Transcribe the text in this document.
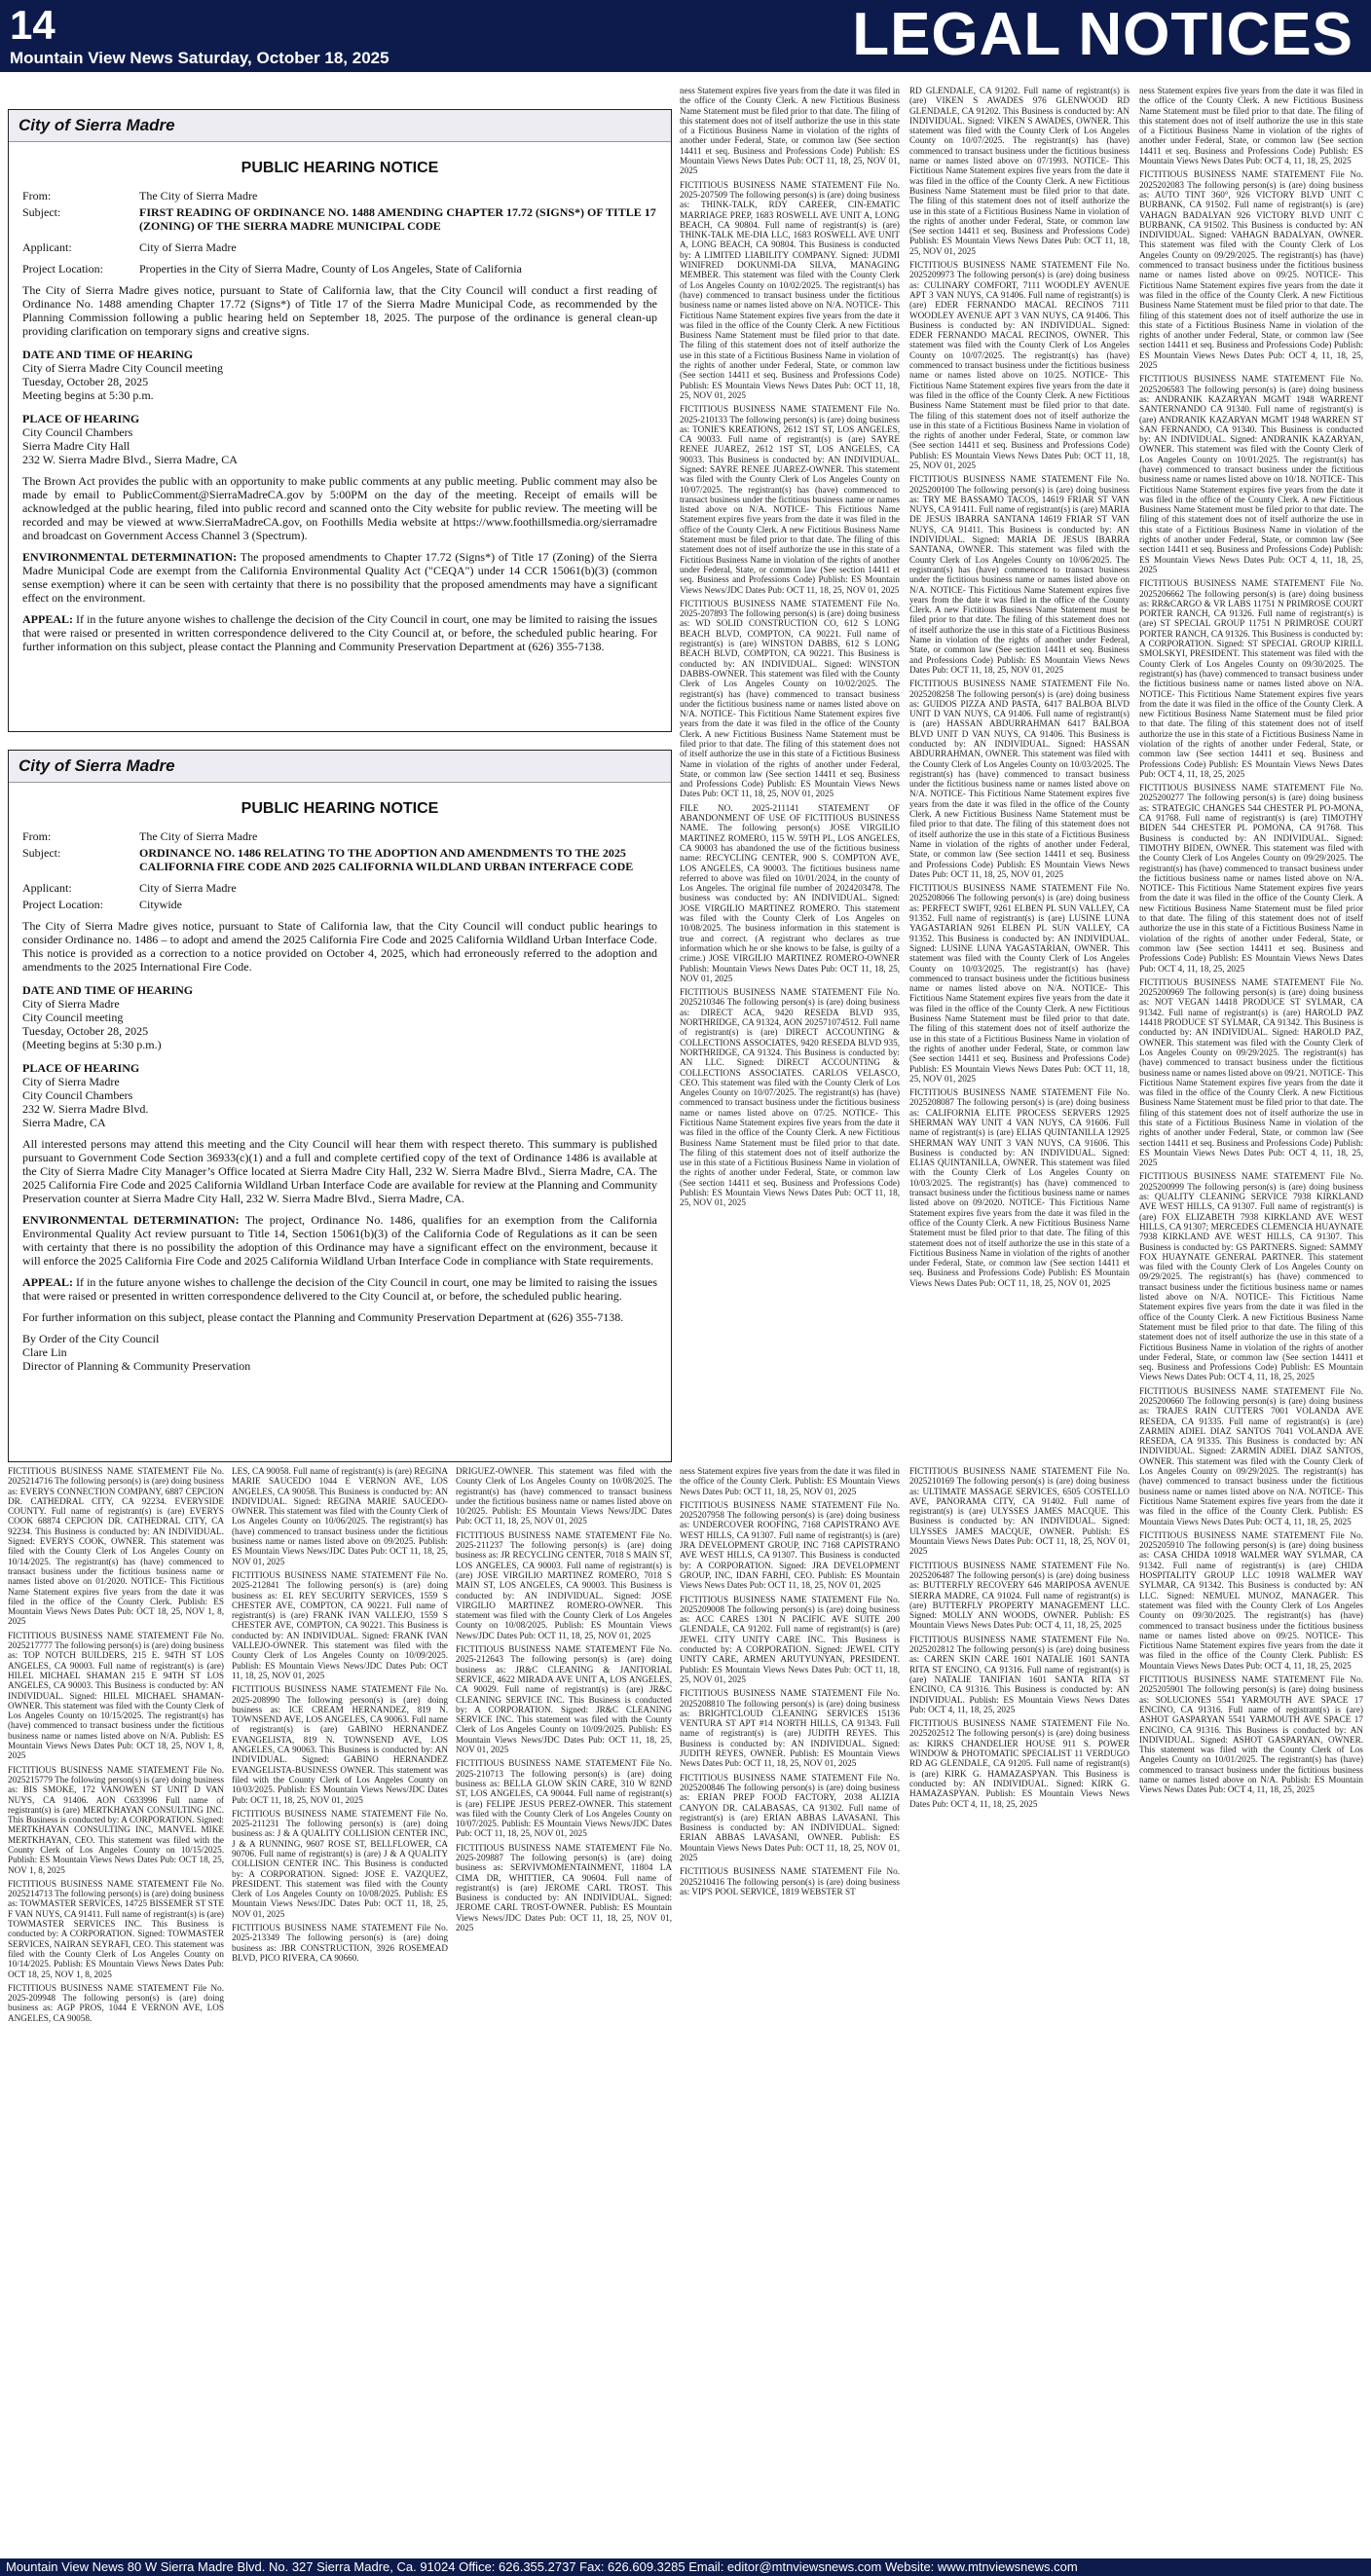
14
Mountain View News Saturday, October 18, 2025	LEGAL NOTICES
City of Sierra Madre
PUBLIC HEARING NOTICE
From:	The City of Sierra Madre
Subject:	FIRST READING OF ORDINANCE NO. 1488 AMENDING CHAPTER 17.72 (SIGNS*) OF TITLE 17 (ZONING) OF THE SIERRA MADRE MUNICIPAL CODE
Applicant:	City of Sierra Madre
Project Location:	Properties in the City of Sierra Madre, County of Los Angeles, State of California

The City of Sierra Madre gives notice, pursuant to State of California law, that the City Council will conduct a first reading of Ordinance No. 1488 amending Chapter 17.72 (Signs*) of Title 17 of the Sierra Madre Municipal Code, as recommended by the Planning Commission following a public hearing held on September 18, 2025. The purpose of the ordinance is general clean-up providing clarification on temporary signs and creative signs.

DATE AND TIME OF HEARING
City of Sierra Madre City Council meeting
Tuesday, October 28, 2025
Meeting begins at 5:30 p.m.
PLACE OF HEARING
City Council Chambers
Sierra Madre City Hall
232 W. Sierra Madre Blvd., Sierra Madre, CA

The Brown Act provides the public with an opportunity to make public comments at any public meeting. Public comment may also be made by email to PublicComment@SierraMadreCA.gov by 5:00PM on the day of the meeting. Receipt of emails will be acknowledged at the public hearing, filed into public record and scanned onto the City website for public review. The meeting will be recorded and may be viewed at www.SierraMadreCA.gov, on Foothills Media website at https://www.foothillsmedia.org/sierramadre and broadcast on Government Access Channel 3 (Spectrum).

ENVIRONMENTAL DETERMINATION: The proposed amendments to Chapter 17.72 (Signs*) of Title 17 (Zoning) of the Sierra Madre Municipal Code are exempt from the California Environmental Quality Act ("CEQA") under 14 CCR 15061(b)(3) (common sense exemption) where it can be seen with certainty that there is no possibility that the proposed amendments may have a significant effect on the environment.

APPEAL: If in the future anyone wishes to challenge the decision of the City Council in court, one may be limited to raising the issues that were raised or presented in written correspondence delivered to the City Council at, or before, the scheduled public hearing. For further information on this subject, please contact the Planning and Community Preservation Department at (626) 355-7138.

City of Sierra Madre
PUBLIC HEARING NOTICE
From:	The City of Sierra Madre
Subject:	ORDINANCE NO. 1486 RELATING TO THE ADOPTION AND AMENDMENTS TO THE 2025 CALIFORNIA FIRE CODE AND 2025 CALIFORNIA WILDLAND URBAN INTERFACE CODE
Applicant:	City of Sierra Madre
Project Location:	Citywide

The City of Sierra Madre gives notice, pursuant to State of California law, that the City Council will conduct public hearings to consider Ordinance no. 1486 – to adopt and amend the 2025 California Fire Code and 2025 California Wildland Urban Interface Code. This notice is provided as a correction to a notice provided on October 4, 2025, which had erroneously referred to the adoption and amendments to the 2025 International Fire Code.

DATE AND TIME OF HEARING
City of Sierra Madre
City Council meeting
Tuesday, October 28, 2025
(Meeting begins at 5:30 p.m.)
PLACE OF HEARING
City of Sierra Madre
City Council Chambers
232 W. Sierra Madre Blvd.
Sierra Madre, CA

All interested persons may attend this meeting and the City Council will hear them with respect thereto. This summary is published pursuant to Government Code Section 36933(c)(1) and a full and complete certified copy of the text of Ordinance 1486 is available at the City of Sierra Madre City Manager’s Office located at Sierra Madre City Hall, 232 W. Sierra Madre Blvd., Sierra Madre, CA. The 2025 California Fire Code and 2025 California Wildland Urban Interface Code are available for review at the Planning and Community Preservation counter at Sierra Madre City Hall, 232 W. Sierra Madre Blvd., Sierra Madre, CA.

ENVIRONMENTAL DETERMINATION: The project, Ordinance No. 1486, qualifies for an exemption from the California Environmental Quality Act review pursuant to Title 14, Section 15061(b)(3) of the California Code of Regulations as it can be seen with certainty that there is no possibility the adoption of this Ordinance may have a significant effect on the environment, because it will enforce the 2025 California Fire Code and 2025 California Wildland Urban Interface Code in compliance with State requirements.

APPEAL: If in the future anyone wishes to challenge the decision of the City Council in court, one may be limited to raising the issues that were raised or presented in written correspondence delivered to the City Council at, or before, the scheduled public hearing.

For further information on this subject, please contact the Planning and Community Preservation Department at (626) 355-7138.

By Order of the City Council
Clare Lin
Director of Planning & Community Preservation

ness Statement expires five years from the date it was filed in the office of the County Clerk. A new Fictitious Business Name Statement must be filed prior to that date. The filing of this statement does not of itself authorize the use in this state of a Fictitious Business Name in violation of the rights of another under Federal, State, or common law (See section 14411 et seq. Business and Professions Code) Publish: ES Mountain Views News Dates Pub: OCT 11, 18, 25, NOV 01, 2025

FICTITIOUS BUSINESS NAME STATEMENT File No. 2025-207509 The following person(s) is (are) doing business as: THINK-TALK, RDY CAREER, CIN-EMATIC MARRIAGE PREP, 1683 ROSWELL AVE UNIT A, LONG BEACH, CA 90804. Full name of registrant(s) is (are) THINK-TALK ME-DIA LLC, 1683 ROSWELL AVE UNIT A, LONG BEACH, CA 90804. This Business is conducted by: A LIMITED LIABILITY COMPANY. Signed: JUDMI WINIFRED DOKUNMI-DA SILVA, MANAGING MEMBER. This statement was filed with the County Clerk of Los Angeles County on 10/02/2025. The registrant(s) has (have) commenced to transact business under the fictitious business name or names listed above on N/A. NOTICE- This Fictitious Name Statement expires five years from the date it was filed in the office of the County Clerk. A new Fictitious Business Name Statement must be filed prior to that date. The filing of this statement does not of itself authorize the use in this state of a Fictitious Business Name in violation of the rights of another under Federal, State, or common law (See section 14411 et seq. Business and Professions Code) Publish: ES Mountain Views News Dates Pub: OCT 11, 18, 25, NOV 01, 2025

FICTITIOUS BUSINESS NAME STATEMENT File No. 2025-210133 The following person(s) is (are) doing business as: TONIE'S KREATIONS, 2612 1ST ST, LOS ANGELES, CA 90033. Full name of registrant(s) is (are) SAYRE RENEE JUAREZ, 2612 1ST ST, LOS ANGELES, CA 90033. This Business is conducted by: AN INDIVIDUAL. Signed: SAYRE RENEE JUAREZ-OWNER. This statement was filed with the County Clerk of Los Angeles County on 10/07/2025. The registrant(s) has (have) commenced to transact business under the fictitious business name or names listed above on N/A. NOTICE- This Fictitious Name Statement expires five years from the date it was filed in the office of the County Clerk. A new Fictitious Business Name Statement must be filed prior to that date. The filing of this statement does not of itself authorize the use in this state of a Fictitious Business Name in violation of the rights of another under Federal, State, or common law (See section 14411 et seq. Business and Professions Code) Publish: ES Mountain Views News/JDC Dates Pub: OCT 11, 18, 25, NOV 01, 2025

FICTITIOUS BUSINESS NAME STATEMENT File No. 2025-207893 The following person(s) is (are) doing business as: WD SOLID CONSTRUCTION CO, 612 S LONG BEACH BLVD, COMPTON, CA 90221. Full name of registrant(s) is (are) WINSTON DABBS, 612 S LONG BEACH BLVD, COMPTON, CA 90221. This Business is conducted by: AN INDIVIDUAL. Signed: WINSTON DABBS-OWNER. This statement was filed with the County Clerk of Los Angeles County on 10/02/2025. The registrant(s) has (have) commenced to transact business under the fictitious business name or names listed above on N/A. NOTICE- This Fictitious Name Statement expires five years from the date it was filed in the office of the County Clerk. A new Fictitious Business Name Statement must be filed prior to that date. The filing of this statement does not of itself authorize the use in this state of a Fictitious Business Name in violation of the rights of another under Federal, State, or common law (See section 14411 et seq. Business and Professions Code) Publish: ES Mountain Views News Dates Pub: OCT 11, 18, 25, NOV 01, 2025

FILE NO. 2025-211141 STATEMENT OF ABANDONMENT OF USE OF FICTITIOUS BUSINESS NAME. The following person(s) JOSE VIRGILIO MARTINEZ ROMERO, 115 W. 59TH PL, LOS ANGELES, CA 90003 has abandoned the use of the fictitious business name: RECYCLING CENTER, 900 S. COMPTON AVE, LOS ANGELES, CA 90003. The fictitious business name referred to above was filed on 10/01/2024, in the county of Los Angeles. The original file number of 2024203478. The business was conducted by: AN INDIVIDUAL. Signed: JOSE VIRGILIO MARTINEZ ROMERO. This statement was filed with the County Clerk of Los Angeles on 10/08/2025. The business information in this statement is true and correct. (A registrant who declares as true information which he or she knows to be false, is guilty of a crime.) JOSE VIRGILIO MARTINEZ ROMERO-OWNER Publish: Mountain Views News Dates Pub: OCT 11, 18, 25, NOV 01, 2025

FICTITIOUS BUSINESS NAME STATEMENT File No. 2025210346 The following person(s) is (are) doing business as: DIRECT ACA, 9420 RESEDA BLVD 935, NORTHRIDGE, CA 91324, AON 202571074512. Full name of registrant(s) is (are) DIRECT ACCOUNTING & COLLECTIONS ASSOCIATES, 9420 RESEDA BLVD 935, NORTHRIDGE, CA 91324. This Business is conducted by: AN LLC. Signed: DIRECT ACCOUNTING & COLLECTIONS ASSOCIATES. CARLOS VELASCO, CEO. This statement was filed with the County Clerk of Los Angeles County on 10/07/2025. The registrant(s) has (have) commenced to transact business under the fictitious business name or names listed above on 07/25. NOTICE- This Fictitious Name Statement expires five years from the date it was filed in the office of the County Clerk. A new Fictitious Business Name Statement must be filed prior to that date. The filing of this statement does not of itself authorize the use in this state of a Fictitious Business Name in violation of the rights of another under Federal, State, or common law (See section 14411 et seq. Business and Professions Code) Publish: ES Mountain Views News Dates Pub: OCT 11, 18, 25, NOV 01, 2025

RD GLENDALE, CA 91202. Full name of registrant(s) is (are) VIKEN S AWADES 976 GLENWOOD RD GLENDALE, CA 91202. This Business is conducted by: AN INDIVIDUAL. Signed: VIKEN S AWADES, OWNER. This statement was filed with the County Clerk of Los Angeles County on 10/07/2025. The registrant(s) has (have) commenced to transact business under the fictitious business name or names listed above on 07/1993. NOTICE- This Fictitious Name Statement expires five years from the date it was filed in the office of the County Clerk. A new Fictitious Business Name Statement must be filed prior to that date. The filing of this statement does not of itself authorize the use in this state of a Fictitious Business Name in violation of the rights of another under Federal, State, or common law (See section 14411 et seq. Business and Professions Code) Publish: ES Mountain Views News Dates Pub: OCT 11, 18, 25, NOV 01, 2025

FICTITIOUS BUSINESS NAME STATEMENT File No. 2025209973 The following person(s) is (are) doing business as: CULINARY COMFORT, 7111 WOODLEY AVENUE APT 3 VAN NUYS, CA 91406. Full name of registrant(s) is (are) EDER FERNANDO MACAL RECINOS 7111 WOODLEY AVENUE APT 3 VAN NUYS, CA 91406. This Business is conducted by: AN INDIVIDUAL. Signed: EDER FERNANDO MACAL RECINOS, OWNER. This statement was filed with the County Clerk of Los Angeles County on 10/07/2025. The registrant(s) has (have) commenced to transact business under the fictitious business name or names listed above on 10/25. NOTICE- This Fictitious Name Statement expires five years from the date it was filed in the office of the County Clerk. A new Fictitious Business Name Statement must be filed prior to that date. The filing of this statement does not of itself authorize the use in this state of a Fictitious Business Name in violation of the rights of another under Federal, State, or common law (See section 14411 et seq. Business and Professions Code) Publish: ES Mountain Views News Dates Pub: OCT 11, 18, 25, NOV 01, 2025

FICTITIOUS BUSINESS NAME STATEMENT File No. 2025200100 The following person(s) is (are) doing business as: TRY ME BASSAMO TACOS, 14619 FRIAR ST VAN NUYS, CA 91411. Full name of registrant(s) is (are) MARIA DE JESUS IBARRA SANTANA 14619 FRIAR ST VAN NUYS, CA 91411. This Business is conducted by: AN INDIVIDUAL. Signed: MARIA DE JESUS IBARRA SANTANA, OWNER. This statement was filed with the County Clerk of Los Angeles County on 10/06/2025. The registrant(s) has (have) commenced to transact business under the fictitious business name or names listed above on N/A. NOTICE- This Fictitious Name Statement expires five years from the date it was filed in the office of the County Clerk. A new Fictitious Business Name Statement must be filed prior to that date. The filing of this statement does not of itself authorize the use in this state of a Fictitious Business Name in violation of the rights of another under Federal, State, or common law (See section 14411 et seq. Business and Professions Code) Publish: ES Mountain Views News Dates Pub: OCT 11, 18, 25, NOV 01, 2025

FICTITIOUS BUSINESS NAME STATEMENT File No. 2025208258 The following person(s) is (are) doing business as: GUIDOS PIZZA AND PASTA, 6417 BALBOA BLVD UNIT D VAN NUYS, CA 91406. Full name of registrant(s) is (are) HASSAN ABDURRAHMAN 6417 BALBOA BLVD UNIT D VAN NUYS, CA 91406. This Business is conducted by: AN INDIVIDUAL. Signed: HASSAN ABDURRAHMAN, OWNER. This statement was filed with the County Clerk of Los Angeles County on 10/03/2025. The registrant(s) has (have) commenced to transact business under the fictitious business name or names listed above on N/A. NOTICE- This Fictitious Name Statement expires five years from the date it was filed in the office of the County Clerk. A new Fictitious Business Name Statement must be filed prior to that date. The filing of this statement does not of itself authorize the use in this state of a Fictitious Business Name in violation of the rights of another under Federal, State, or common law (See section 14411 et seq. Business and Professions Code) Publish: ES Mountain Views News Dates Pub: OCT 11, 18, 25, NOV 01, 2025

FICTITIOUS BUSINESS NAME STATEMENT File No. 2025208066 The following person(s) is (are) doing business as: PERFECT SWIFT, 9261 ELBEN PL SUN VALLEY, CA 91352. Full name of registrant(s) is (are) LUSINE LUNA YAGASTARIAN 9261 ELBEN PL SUN VALLEY, CA 91352. This Business is conducted by: AN INDIVIDUAL. Signed: LUSINE LUNA YAGASTARIAN, OWNER. This statement was filed with the County Clerk of Los Angeles County on 10/03/2025. The registrant(s) has (have) commenced to transact business under the fictitious business name or names listed above on N/A. NOTICE- This Fictitious Name Statement expires five years from the date it was filed in the office of the County Clerk. A new Fictitious Business Name Statement must be filed prior to that date. The filing of this statement does not of itself authorize the use in this state of a Fictitious Business Name in violation of the rights of another under Federal, State, or common law (See section 14411 et seq. Business and Professions Code) Publish: ES Mountain Views News Dates Pub: OCT 11, 18, 25, NOV 01, 2025

FICTITIOUS BUSINESS NAME STATEMENT File No. 2025208087 The following person(s) is (are) doing business as: CALIFORNIA ELITE PROCESS SERVERS 12925 SHERMAN WAY UNIT 4 VAN NUYS, CA 91606. Full name of registrant(s) is (are) ELIAS QUINTANILLA 12925 SHERMAN WAY UNIT 3 VAN NUYS, CA 91606. This Business is conducted by: AN INDIVIDUAL. Signed: ELIAS QUINTANILLA, OWNER. This statement was filed with the County Clerk of Los Angeles County on 10/03/2025. The registrant(s) has (have) commenced to transact business under the fictitious business name or names listed above on 09/2020. NOTICE- This Fictitious Name Statement expires five years from the date it was filed in the office of the County Clerk. A new Fictitious Business Name Statement must be filed prior to that date. The filing of this statement does not of itself authorize the use in this state of a Fictitious Business Name in violation of the rights of another under Federal, State, or common law (See section 14411 et seq. Business and Professions Code) Publish: ES Mountain Views News Dates Pub: OCT 11, 18, 25, NOV 01, 2025

ness Statement expires five years from the date it was filed in the office of the County Clerk. A new Fictitious Business Name Statement must be filed prior to that date. The filing of this statement does not of itself authorize the use in this state of a Fictitious Business Name in violation of the rights of another under Federal, State, or common law (See section 14411 et seq. Business and Professions Code) Publish: ES Mountain Views News Dates Pub: OCT 4, 11, 18, 25, 2025

FICTITIOUS BUSINESS NAME STATEMENT File No. 2025202083 The following person(s) is (are) doing business as: AUTO TINT 360°, 926 VICTORY BLVD UNIT C BURBANK, CA 91502. Full name of registrant(s) is (are) VAHAGN BADALYAN 926 VICTORY BLVD UNIT C BURBANK, CA 91502. This Business is conducted by: AN INDIVIDUAL. Signed: VAHAGN BADALYAN, OWNER. This statement was filed with the County Clerk of Los Angeles County on 09/29/2025. The registrant(s) has (have) commenced to transact business under the fictitious business name or names listed above on 09/25. NOTICE- This Fictitious Name Statement expires five years from the date it was filed in the office of the County Clerk. A new Fictitious Business Name Statement must be filed prior to that date. The filing of this statement does not of itself authorize the use in this state of a Fictitious Business Name in violation of the rights of another under Federal, State, or common law (See section 14411 et seq. Business and Professions Code) Publish: ES Mountain Views News Dates Pub: OCT 4, 11, 18, 25, 2025

FICTITIOUS BUSINESS NAME STATEMENT File No. 2025206583 The following person(s) is (are) doing business as: ANDRANIK KAZARYAN MGMT 1948 WARRENT SANTERNANDO CA 91340. Full name of registrant(s) is (are) ANDRANIK KAZARYAN MGMT 1948 WARREN ST SAN FERNANDO, CA 91340. This Business is conducted by: AN INDIVIDUAL. Signed: ANDRANIK KAZARYAN, OWNER. This statement was filed with the County Clerk of Los Angeles County on 10/01/2025. The registrant(s) has (have) commenced to transact business under the fictitious business name or names listed above on 10/18. NOTICE- This Fictitious Name Statement expires five years from the date it was filed in the office of the County Clerk. A new Fictitious Business Name Statement must be filed prior to that date. The filing of this statement does not of itself authorize the use in this state of a Fictitious Business Name in violation of the rights of another under Federal, State, or common law (See section 14411 et seq. Business and Professions Code) Publish: ES Mountain Views News Dates Pub: OCT 4, 11, 18, 25, 2025

FICTITIOUS BUSINESS NAME STATEMENT File No. 2025206662 The following person(s) is (are) doing business as: RR&CARGO & VR LABS 11751 N PRIMROSE COURT PORTER RANCH, CA 91326. Full name of registrant(s) is (are) ST SPECIAL GROUP 11751 N PRIMROSE COURT PORTER RANCH, CA 91326. This Business is conducted by: A CORPORATION. Signed: ST SPECIAL GROUP KIRILL SMOLSKYI, PRESIDENT. This statement was filed with the County Clerk of Los Angeles County on 09/30/2025. The registrant(s) has (have) commenced to transact business under the fictitious business name or names listed above on N/A. NOTICE- This Fictitious Name Statement expires five years from the date it was filed in the office of the County Clerk. A new Fictitious Business Name Statement must be filed prior to that date. The filing of this statement does not of itself authorize the use in this state of a Fictitious Business Name in violation of the rights of another under Federal, State, or common law (See section 14411 et seq. Business and Professions Code) Publish: ES Mountain Views News Dates Pub: OCT 4, 11, 18, 25, 2025

FICTITIOUS BUSINESS NAME STATEMENT File No. 2025200277 The following person(s) is (are) doing business as: STRATEGIC CHANGES 544 CHESTER PL PO-MONA, CA 91768. Full name of registrant(s) is (are) TIMOTHY BIDEN 544 CHESTER PL POMONA, CA 91768. This Business is conducted by: AN INDIVIDUAL. Signed: TIMOTHY BIDEN, OWNER. This statement was filed with the County Clerk of Los Angeles County on 09/29/2025. The registrant(s) has (have) commenced to transact business under the fictitious business name or names listed above on N/A. NOTICE- This Fictitious Name Statement expires five years from the date it was filed in the office of the County Clerk. A new Fictitious Business Name Statement must be filed prior to that date. The filing of this statement does not of itself authorize the use in this state of a Fictitious Business Name in violation of the rights of another under Federal, State, or common law (See section 14411 et seq. Business and Professions Code) Publish: ES Mountain Views News Dates Pub: OCT 4, 11, 18, 25, 2025

FICTITIOUS BUSINESS NAME STATEMENT File No. 2025200969 The following person(s) is (are) doing business as: NOT VEGAN 14418 PRODUCE ST SYLMAR, CA 91342. Full name of registrant(s) is (are) HAROLD PAZ 14418 PRODUCE ST SYLMAR, CA 91342. This Business is conducted by: AN INDIVIDUAL. Signed: HAROLD PAZ, OWNER. This statement was filed with the County Clerk of Los Angeles County on 09/29/2025. The registrant(s) has (have) commenced to transact business under the fictitious business name or names listed above on 09/21. NOTICE- This Fictitious Name Statement expires five years from the date it was filed in the office of the County Clerk. A new Fictitious Business Name Statement must be filed prior to that date. The filing of this statement does not of itself authorize the use in this state of a Fictitious Business Name in violation of the rights of another under Federal, State, or common law (See section 14411 et seq. Business and Professions Code) Publish: ES Mountain Views News Dates Pub: OCT 4, 11, 18, 25, 2025

FICTITIOUS BUSINESS NAME STATEMENT File No. 2025200999 The following person(s) is (are) doing business as: QUALITY CLEANING SERVICE 7938 KIRKLAND AVE WEST HILLS, CA 91307. Full name of registrant(s) is (are) FOX ELIZABETH 7938 KIRKLAND AVE WEST HILLS, CA 91307; MERCEDES CLEMENCIA HUAYNATE 7938 KIRKLAND AVE WEST HILLS, CA 91307. This Business is conducted by: GS PARTNERS. Signed: SAMMY FOX HUAYNATE GENERAL PARTNER. This statement was filed with the County Clerk of Los Angeles County on 09/29/2025. The registrant(s) has (have) commenced to transact business under the fictitious business name or names listed above on N/A. NOTICE- This Fictitious Name Statement expires five years from the date it was filed in the office of the County Clerk. A new Fictitious Business Name Statement must be filed prior to that date. The filing of this statement does not of itself authorize the use in this state of a Fictitious Business Name in violation of the rights of another under Federal, State, or common law (See section 14411 et seq. Business and Professions Code) Publish: ES Mountain Views News Dates Pub: OCT 4, 11, 18, 25, 2025

FICTITIOUS BUSINESS NAME STATEMENT File No. 2025200660 The following person(s) is (are) doing business as: TRAJES RAIN CUTTERS 7001 VOLANDA AVE RESEDA, CA 91335. Full name of registrant(s) is (are) ZARMIN ADIEL DIAZ SANTOS 7041 VOLANDA AVE RESEDA, CA 91335. This Business is conducted by: AN INDIVIDUAL. Signed: ZARMIN ADIEL DIAZ SANTOS, OWNER. This statement was filed with the County Clerk of Los Angeles County on 09/29/2025. The registrant(s) has (have) commenced to transact business under the fictitious business name or names listed above on N/A. NOTICE- This Fictitious Name Statement expires five years from the date it was filed in the office of the County Clerk. Publish: ES Mountain Views News Dates Pub: OCT 4, 11, 18, 25, 2025

FICTITIOUS BUSINESS NAME STATEMENT File No. 2025205910 The following person(s) is (are) doing business as: CASA CHIDA 10918 WALMER WAY SYLMAR, CA 91342. Full name of registrant(s) is (are) CHIDA HOSPITALITY GROUP LLC 10918 WALMER WAY SYLMAR, CA 91342. This Business is conducted by: AN LLC. Signed: NEMUEL MUNOZ, MANAGER. This statement was filed with the County Clerk of Los Angeles County on 09/30/2025. The registrant(s) has (have) commenced to transact business under the fictitious business name or names listed above on 09/25. NOTICE- This Fictitious Name Statement expires five years from the date it was filed in the office of the County Clerk. Publish: ES Mountain Views News Dates Pub: OCT 4, 11, 18, 25, 2025

FICTITIOUS BUSINESS NAME STATEMENT File No. 2025205901 The following person(s) is (are) doing business as: SOLUCIONES 5541 YARMOUTH AVE SPACE 17 ENCINO, CA 91316. Full name of registrant(s) is (are) ASHOT GASPARYAN 5541 YARMOUTH AVE SPACE 17 ENCINO, CA 91316. This Business is conducted by: AN INDIVIDUAL. Signed: ASHOT GASPARYAN, OWNER. This statement was filed with the County Clerk of Los Angeles County on 10/01/2025. The registrant(s) has (have) commenced to transact business under the fictitious business name or names listed above on N/A. Publish: ES Mountain Views News Dates Pub: OCT 4, 11, 18, 25, 2025

FICTITIOUS BUSINESS NAME STATEMENT File No. 2025214716 The following person(s) is (are) doing business as: EVERYS CONNECTION COMPANY, 6887 CEPCION DR. CATHEDRAL CITY, CA 92234. EVERYSIDE COUNTY. Full name of registrant(s) is (are) EVERYS COOK 68874 CEPCION DR. CATHEDRAL CITY, CA 92234. This Business is conducted by: AN INDIVIDUAL. Signed: EVERYS COOK, OWNER. This statement was filed with the County Clerk of Los Angeles County on 10/14/2025. The registrant(s) has (have) commenced to transact business under the fictitious business name or names listed above on 01/2020. NOTICE- This Fictitious Name Statement expires five years from the date it was filed in the office of the County Clerk. Publish: ES Mountain Views News Dates Pub: OCT 18, 25, NOV 1, 8, 2025

FICTITIOUS BUSINESS NAME STATEMENT File No. 2025217777 The following person(s) is (are) doing business as: TOP NOTCH BUILDERS, 215 E. 94TH ST LOS ANGELES, CA 90003. Full name of registrant(s) is (are) HILEL MICHAEL SHAMAN 215 E 94TH ST LOS ANGELES, CA 90003. This Business is conducted by: AN INDIVIDUAL. Signed: HILEL MICHAEL SHAMAN-OWNER. This statement was filed with the County Clerk of Los Angeles County on 10/15/2025. The registrant(s) has (have) commenced to transact business under the fictitious business name or names listed above on N/A. Publish: ES Mountain Views News Dates Pub: OCT 18, 25, NOV 1, 8, 2025

FICTITIOUS BUSINESS NAME STATEMENT File No. 2025215779 The following person(s) is (are) doing business as: BIS SMOKE, 172 VANOWEN ST UNIT D VAN NUYS, CA 91406. AON C633996 Full name of registrant(s) is (are) MERTKHAYAN CONSULTING INC. This Business is conducted by: A CORPORATION. Signed: MERTKHAYAN CONSULTING INC, MANVEL MIKE MERTKHAYAN, CEO. This statement was filed with the County Clerk of Los Angeles County on 10/15/2025. Publish: ES Mountain Views News Dates Pub: OCT 18, 25, NOV 1, 8, 2025

FICTITIOUS BUSINESS NAME STATEMENT File No. 2025214713 The following person(s) is (are) doing business as: TOWMASTER SERVICES, 14725 BISSEMER ST STE F VAN NUYS, CA 91411. Full name of registrant(s) is (are) TOWMASTER SERVICES INC. This Business is conducted by: A CORPORATION. Signed: TOWMASTER SERVICES, NAIRAN SEYRAFI, CEO. This statement was filed with the County Clerk of Los Angeles County on 10/14/2025. Publish: ES Mountain Views News Dates Pub: OCT 18, 25, NOV 1, 8, 2025

FICTITIOUS BUSINESS NAME STATEMENT File No. 2025-209948 The following person(s) is (are) doing business as: AGP PROS, 1044 E VERNON AVE, LOS ANGELES, CA 90058.

LES, CA 90058. Full name of registrant(s) is (are) REGINA MARIE SAUCEDO 1044 E VERNON AVE, LOS ANGELES, CA 90058. This Business is conducted by: AN INDIVIDUAL. Signed: REGINA MARIE SAUCEDO-OWNER. This statement was filed with the County Clerk of Los Angeles County on 10/06/2025. The registrant(s) has (have) commenced to transact business under the fictitious business name or names listed above on 09/2025. Publish: ES Mountain Views News/JDC Dates Pub: OCT 11, 18, 25, NOV 01, 2025

FICTITIOUS BUSINESS NAME STATEMENT File No. 2025-212841 The following person(s) is (are) doing business as: EL REY SECURITY SERVICES, 1559 S CHESTER AVE, COMPTON, CA 90221. Full name of registrant(s) is (are) FRANK IVAN VALLEJO, 1559 S CHESTER AVE, COMPTON, CA 90221. This Business is conducted by: AN INDIVIDUAL. Signed: FRANK IVAN VALLEJO-OWNER. This statement was filed with the County Clerk of Los Angeles County on 10/09/2025. Publish: ES Mountain Views News/JDC Dates Pub: OCT 11, 18, 25, NOV 01, 2025

FICTITIOUS BUSINESS NAME STATEMENT File No. 2025-208990 The following person(s) is (are) doing business as: ICE CREAM HERNANDEZ, 819 N. TOWNSEND AVE, LOS ANGELES, CA 90063. Full name of registrant(s) is (are) GABINO HERNANDEZ EVANGELISTA, 819 N. TOWNSEND AVE, LOS ANGELES, CA 90063. This Business is conducted by: AN INDIVIDUAL. Signed: GABINO HERNANDEZ EVANGELISTA-BUSINESS OWNER. This statement was filed with the County Clerk of Los Angeles County on 10/03/2025. Publish: ES Mountain Views News/JDC Dates Pub: OCT 11, 18, 25, NOV 01, 2025

FICTITIOUS BUSINESS NAME STATEMENT File No. 2025-211231 The following person(s) is (are) doing business as: J & A QUALITY COLLISION CENTER INC, J & A RUNNING, 9607 ROSE ST, BELLFLOWER, CA 90706. Full name of registrant(s) is (are) J & A QUALITY COLLISION CENTER INC. This Business is conducted by: A CORPORATION. Signed: JOSE E. VAZQUEZ, PRESIDENT. This statement was filed with the County Clerk of Los Angeles County on 10/08/2025. Publish: ES Mountain Views News/JDC Dates Pub: OCT 11, 18, 25, NOV 01, 2025

FICTITIOUS BUSINESS NAME STATEMENT File No. 2025-213349 The following person(s) is (are) doing business as: JBR CONSTRUCTION, 3926 ROSEMEAD BLVD, PICO RIVERA, CA 90660.

DRIGUEZ-OWNER. This statement was filed with the County Clerk of Los Angeles County on 10/08/2025. The registrant(s) has (have) commenced to transact business under the fictitious business name or names listed above on 10/2025. Publish: ES Mountain Views News/JDC Dates Pub: OCT 11, 18, 25, NOV 01, 2025

FICTITIOUS BUSINESS NAME STATEMENT File No. 2025-211237 The following person(s) is (are) doing business as: JR RECYCLING CENTER, 7018 S MAIN ST, LOS ANGELES, CA 90003. Full name of registrant(s) is (are) JOSE VIRGILIO MARTINEZ ROMERO, 7018 S MAIN ST, LOS ANGELES, CA 90003. This Business is conducted by: AN INDIVIDUAL. Signed: JOSE VIRGILIO MARTINEZ ROMERO-OWNER. This statement was filed with the County Clerk of Los Angeles County on 10/08/2025. Publish: ES Mountain Views News/JDC Dates Pub: OCT 11, 18, 25, NOV 01, 2025

FICTITIOUS BUSINESS NAME STATEMENT File No. 2025-212643 The following person(s) is (are) doing business as: JR&C CLEANING & JANITORIAL SERVICE, 4622 MIRADA AVE UNIT A, LOS ANGELES, CA 90029. Full name of registrant(s) is (are) JR&C CLEANING SERVICE INC. This Business is conducted by: A CORPORATION. Signed: JR&C CLEANING SERVICE INC. This statement was filed with the County Clerk of Los Angeles County on 10/09/2025. Publish: ES Mountain Views News/JDC Dates Pub: OCT 11, 18, 25, NOV 01, 2025

FICTITIOUS BUSINESS NAME STATEMENT File No. 2025-210713 The following person(s) is (are) doing business as: BELLA GLOW SKIN CARE, 310 W 82ND ST, LOS ANGELES, CA 90044. Full name of registrant(s) is (are) FELIPE JESUS PEREZ-OWNER. This statement was filed with the County Clerk of Los Angeles County on 10/07/2025. Publish: ES Mountain Views News/JDC Dates Pub: OCT 11, 18, 25, NOV 01, 2025

FICTITIOUS BUSINESS NAME STATEMENT File No. 2025-209887 The following person(s) is (are) doing business as: SERVIVMOMENTAINMENT, 11804 LA CIMA DR, WHITTIER, CA 90604. Full name of registrant(s) is (are) JEROME CARL TROST. This Business is conducted by: AN INDIVIDUAL. Signed: JEROME CARL TROST-OWNER. Publish: ES Mountain Views News/JDC Dates Pub: OCT 11, 18, 25, NOV 01, 2025

ness Statement expires five years from the date it was filed in the office of the County Clerk. Publish: ES Mountain Views News Dates Pub: OCT 11, 18, 25, NOV 01, 2025

FICTITIOUS BUSINESS NAME STATEMENT File No. 2025207958 The following person(s) is (are) doing business as: UNDERCOVER ROOFING, 7168 CAPISTRANO AVE WEST HILLS, CA 91307. Full name of registrant(s) is (are) JRA DEVELOPMENT GROUP, INC 7168 CAPISTRANO AVE WEST HILLS, CA 91307. This Business is conducted by: A CORPORATION. Signed: JRA DEVELOPMENT GROUP, INC, IDAN FARHI, CEO. Publish: ES Mountain Views News Dates Pub: OCT 11, 18, 25, NOV 01, 2025

FICTITIOUS BUSINESS NAME STATEMENT File No. 2025209008 The following person(s) is (are) doing business as: ACC CARES 1301 N PACIFIC AVE SUITE 200 GLENDALE, CA 91202. Full name of registrant(s) is (are) JEWEL CITY UNITY CARE INC. This Business is conducted by: A CORPORATION. Signed: JEWEL CITY UNITY CARE, ARMEN ARUTYUNYAN, PRESIDENT. Publish: ES Mountain Views News Dates Pub: OCT 11, 18, 25, NOV 01, 2025

FICTITIOUS BUSINESS NAME STATEMENT File No. 2025208810 The following person(s) is (are) doing business as: BRIGHTCLOUD CLEANING SERVICES 15136 VENTURA ST APT #14 NORTH HILLS, CA 91343. Full name of registrant(s) is (are) JUDITH REYES. This Business is conducted by: AN INDIVIDUAL. Signed: JUDITH REYES, OWNER. Publish: ES Mountain Views News Dates Pub: OCT 11, 18, 25, NOV 01, 2025

FICTITIOUS BUSINESS NAME STATEMENT File No. 2025200846 The following person(s) is (are) doing business as: ERIAN PREP FOOD FACTORY, 2038 ALIZIA CANYON DR. CALABASAS, CA 91302. Full name of registrant(s) is (are) ERIAN ABBAS LAVASANI. This Business is conducted by: AN INDIVIDUAL. Signed: ERIAN ABBAS LAVASANI, OWNER. Publish: ES Mountain Views News Dates Pub: OCT 11, 18, 25, NOV 01, 2025

FICTITIOUS BUSINESS NAME STATEMENT File No. 2025210416 The following person(s) is (are) doing business as: VIP'S POOL SERVICE, 1819 WEBSTER ST

FICTITIOUS BUSINESS NAME STATEMENT File No. 2025210169 The following person(s) is (are) doing business as: ULTIMATE MASSAGE SERVICES, 6505 COSTELLO AVE, PANORAMA CITY, CA 91402. Full name of registrant(s) is (are) ULYSSES JAMES MACQUE. This Business is conducted by: AN INDIVIDUAL. Signed: ULYSSES JAMES MACQUE, OWNER. Publish: ES Mountain Views News Dates Pub: OCT 11, 18, 25, NOV 01, 2025

FICTITIOUS BUSINESS NAME STATEMENT File No. 2025206487 The following person(s) is (are) doing business as: BUTTERFLY RECOVERY 646 MARIPOSA AVENUE SIERRA MADRE, CA 91024. Full name of registrant(s) is (are) BUTTERFLY PROPERTY MANAGEMENT LLC. Signed: MOLLY ANN WOODS, OWNER. Publish: ES Mountain Views News Dates Pub: OCT 4, 11, 18, 25, 2025

FICTITIOUS BUSINESS NAME STATEMENT File No. 2025202812 The following person(s) is (are) doing business as: CAREN SKIN CARE 1601 NATALIE 1601 SANTA RITA ST ENCINO, CA 91316. Full name of registrant(s) is (are) NATALIE TANIFIAN 1601 SANTA RITA ST ENCINO, CA 91316. This Business is conducted by: AN INDIVIDUAL. Publish: ES Mountain Views News Dates Pub: OCT 4, 11, 18, 25, 2025

FICTITIOUS BUSINESS NAME STATEMENT File No. 2025202512 The following person(s) is (are) doing business as: KIRKS CHANDELIER HOUSE 911 S. POWER WINDOW & PHOTOMATIC SPECIALIST 11 VERDUGO RD AG GLENDALE, CA 91205. Full name of registrant(s) is (are) KIRK G. HAMAZASPYAN. This Business is conducted by: AN INDIVIDUAL. Signed: KIRK G. HAMAZASPYAN. Publish: ES Mountain Views News Dates Pub: OCT 4, 11, 18, 25, 2025

Mountain View News 80 W Sierra Madre Blvd. No. 327 Sierra Madre, Ca. 91024 Office: 626.355.2737 Fax: 626.609.3285 Email: editor@mtnviewsnews.com Website: www.mtnviewsnews.com
